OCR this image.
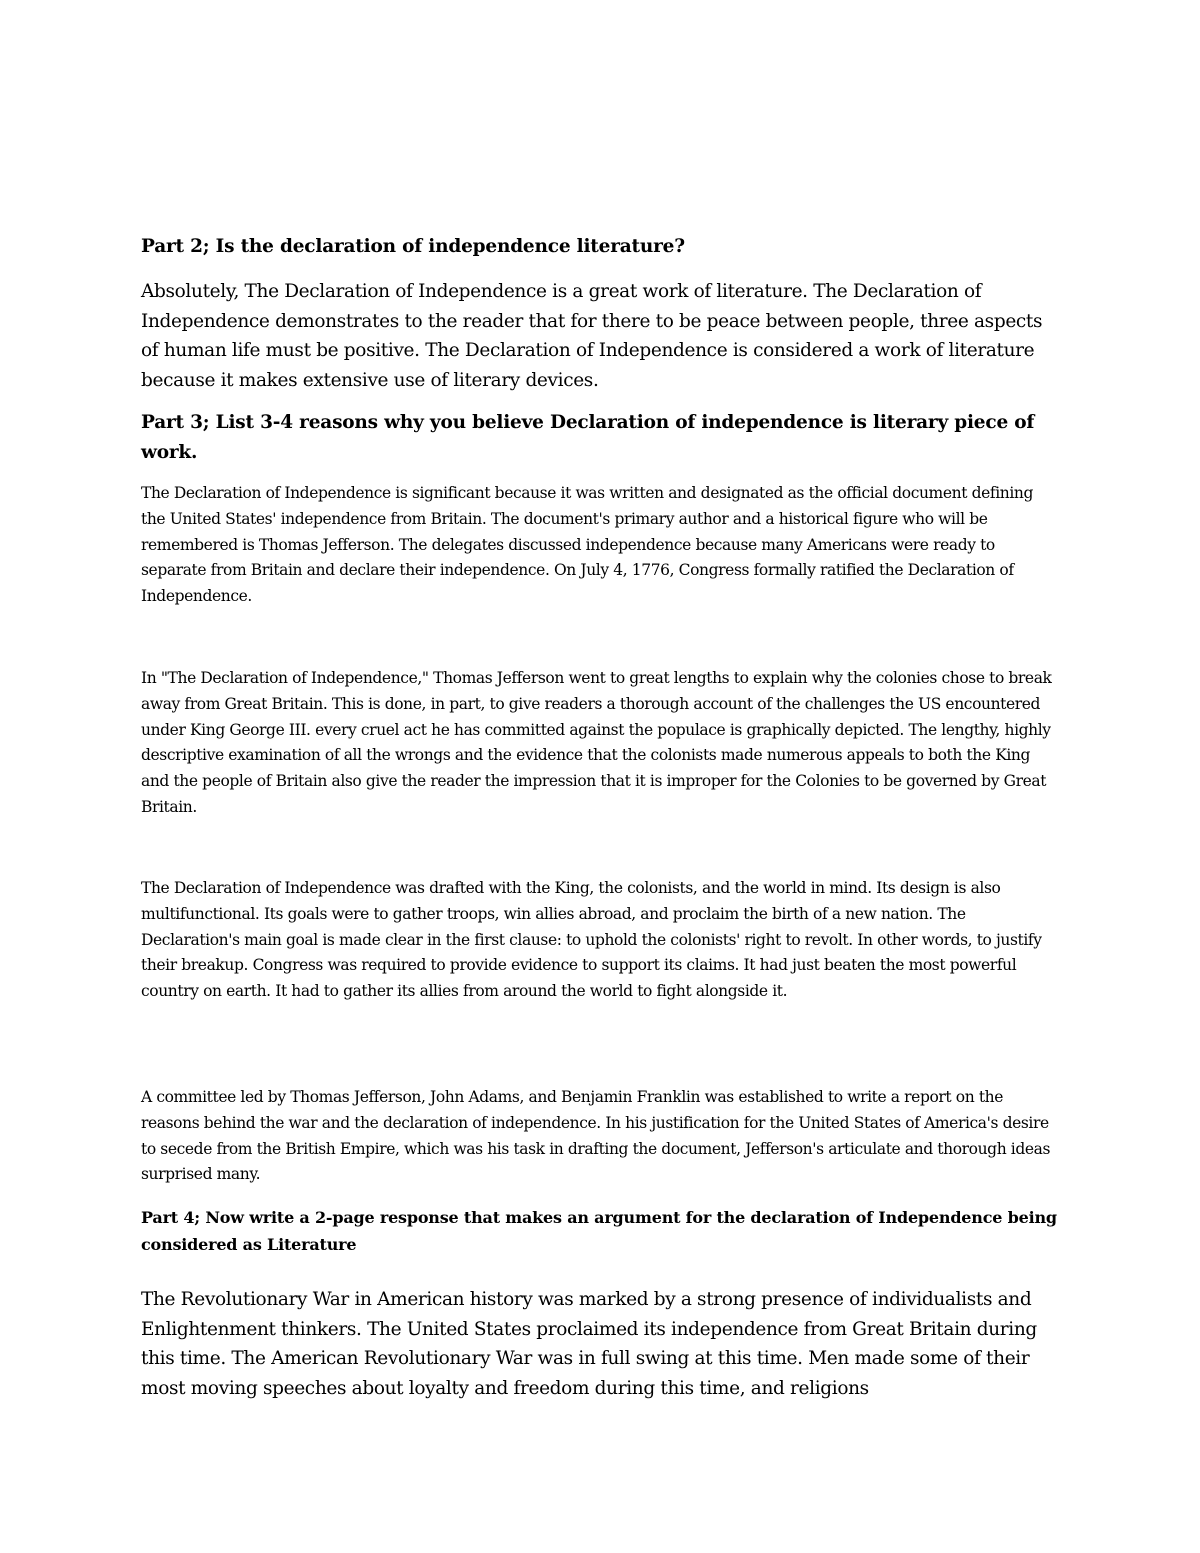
Part 2; Is the declaration of independence literature?

Absolutely, The Declaration of Independence is a great work of literature. The Declaration of Independence demonstrates to the reader that for there to be peace between people, three aspects of human life must be positive. The Declaration of Independence is considered a work of literature because it makes extensive use of literary devices.

Part 3; List 3-4 reasons why you believe Declaration of independence is literary piece of work.

The Declaration of Independence is significant because it was written and designated as the official document defining the United States' independence from Britain. The document's primary author and a historical figure who will be remembered is Thomas Jefferson. The delegates discussed independence because many Americans were ready to separate from Britain and declare their independence. On July 4, 1776, Congress formally ratified the Declaration of Independence.

In "The Declaration of Independence," Thomas Jefferson went to great lengths to explain why the colonies chose to break away from Great Britain. This is done, in part, to give readers a thorough account of the challenges the US encountered under King George III. every cruel act he has committed against the populace is graphically depicted. The lengthy, highly descriptive examination of all the wrongs and the evidence that the colonists made numerous appeals to both the King and the people of Britain also give the reader the impression that it is improper for the Colonies to be governed by Great Britain.

The Declaration of Independence was drafted with the King, the colonists, and the world in mind. Its design is also multifunctional. Its goals were to gather troops, win allies abroad, and proclaim the birth of a new nation. The Declaration's main goal is made clear in the first clause: to uphold the colonists' right to revolt. In other words, to justify their breakup. Congress was required to provide evidence to support its claims. It had just beaten the most powerful country on earth. It had to gather its allies from around the world to fight alongside it.

A committee led by Thomas Jefferson, John Adams, and Benjamin Franklin was established to write a report on the reasons behind the war and the declaration of independence. In his justification for the United States of America's desire to secede from the British Empire, which was his task in drafting the document, Jefferson's articulate and thorough ideas surprised many.

Part 4; Now write a 2-page response that makes an argument for the declaration of Independence being considered as Literature

The Revolutionary War in American history was marked by a strong presence of individualists and Enlightenment thinkers. The United States proclaimed its independence from Great Britain during this time. The American Revolutionary War was in full swing at this time. Men made some of their most moving speeches about loyalty and freedom during this time, and religions
